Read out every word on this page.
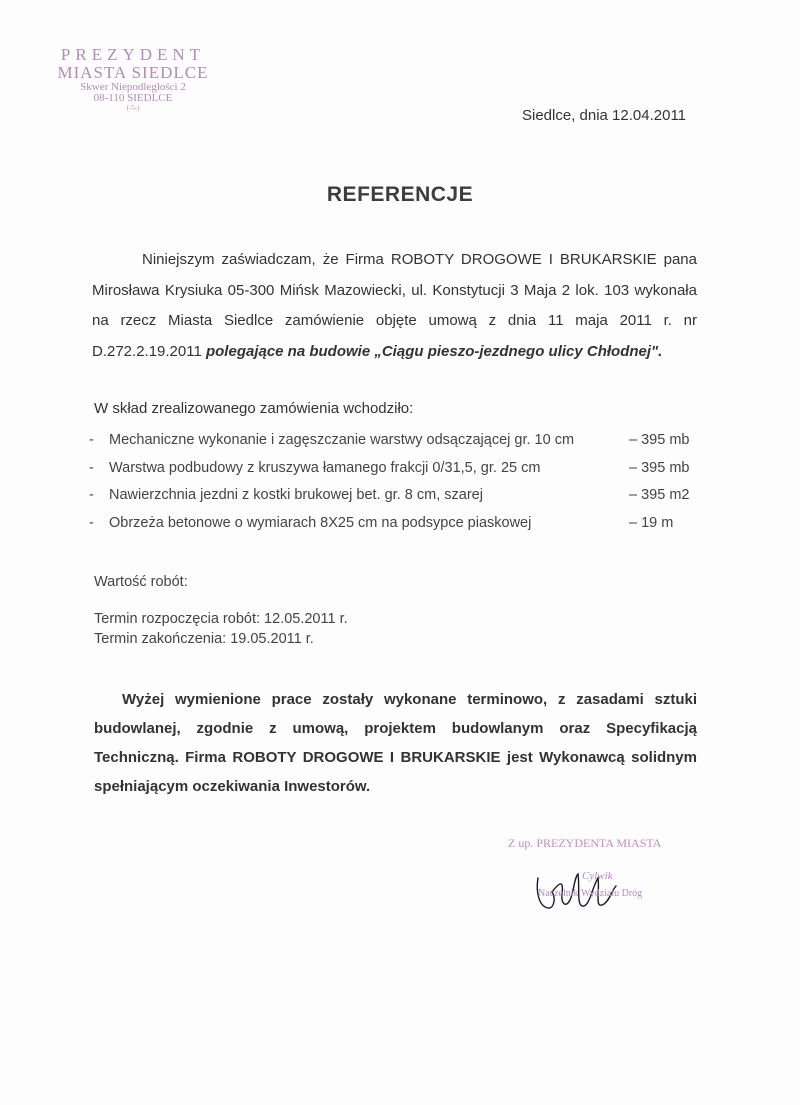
PREZYDENT
MIASTA SIEDLCE
Skwer Niepodległości 2
08-110 SIEDLCE
(-5-)	Siedlce, dnia 12.04.2011
REFERENCJE
Niniejszym zaświadczam, że Firma ROBOTY DROGOWE I BRUKARSKIE pana Mirosława Krysiuka 05-300 Mińsk Mazowiecki, ul. Konstytucji 3 Maja 2 lok. 103 wykonała na rzecz Miasta Siedlce zamówienie objęte umową z dnia 11 maja 2011 r. nr D.272.2.19.2011 polegające na budowie „Ciągu pieszo-jezdnego ulicy Chłodnej".
W skład zrealizowanego zamówienia wchodziło:
- Mechaniczne wykonanie i zagęszczanie warstwy odsączającej gr. 10 cm	– 395 mb
- Warstwa podbudowy z kruszywa łamanego frakcji 0/31,5, gr. 25 cm	– 395 mb
- Nawierzchnia jezdni z kostki brukowej bet. gr. 8 cm, szarej	– 395 m2
- Obrzeża betonowe o wymiarach 8X25 cm na podsypce piaskowej	– 19 m
Wartość robót:
Termin rozpoczęcia robót: 12.05.2011 r.
Termin zakończenia: 19.05.2011 r.
Wyżej wymienione prace zostały wykonane terminowo, z zasadami sztuki budowlanej, zgodnie z umową, projektem budowlanym oraz Specyfikacją Techniczną. Firma ROBOTY DROGOWE I BRUKARSKIE jest Wykonawcą solidnym spełniającym oczekiwania Inwestorów.
Z up. PREZYDENTA MIASTA
Cylwik
Naczelnik Wydziału Dróg
